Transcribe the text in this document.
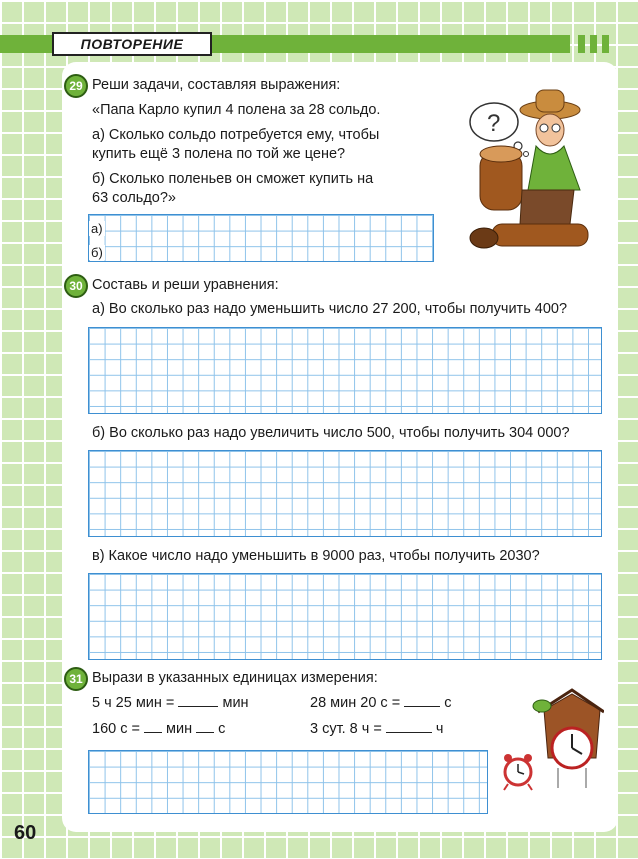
ПОВТОРЕНИЕ
29 Реши задачи, составляя выражения:
«Папа Карло купил 4 полена за 28 сольдо.
а) Сколько сольдо потребуется ему, чтобы
купить ещё 3 полена по той же цене?
б) Сколько поленьев он сможет купить на
63 сольдо?»
а)
б)
?
30 Составь и реши уравнения:
а) Во сколько раз надо уменьшить число 27 200, чтобы получить 400?
б) Во сколько раз надо увеличить число 500, чтобы получить 304 000?
в) Какое число надо уменьшить в 9000 раз, чтобы получить 2030?
31 Вырази в указанных единицах измерения:
5 ч 25 мин =	мин	28 мин 20 с =	с
160 с = мин с	3 сут. 8 ч =	ч
60
